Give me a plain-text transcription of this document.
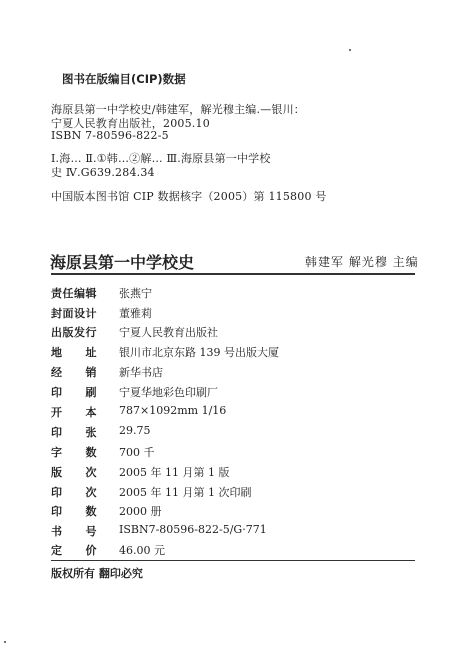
图书在版编目(CIP)数据
海原县第一中学校史/韩建军，解光穆主编.—银川：
宁夏人民教育出版社，2005.10
ISBN 7-80596-822-5
Ⅰ.海… Ⅱ.①韩…②解… Ⅲ.海原县第一中学校
史 Ⅳ.G639.284.34
中国版本图书馆 CIP 数据核字（2005）第 115800 号
海原县第一中学校史	韩建军 解光穆 主编
责任编辑 张燕宁
封面设计 董雅莉
出版发行 宁夏人民教育出版社
地　　址 银川市北京东路 139 号出版大厦
经　　销 新华书店
印　　刷 宁夏华地彩色印刷厂
开　　本 787×1092mm 1/16
印　　张 29.75
字　　数 700 千
版　　次 2005 年 11 月第 1 版
印　　次 2005 年 11 月第 1 次印刷
印　　数 2000 册
书　　号 ISBN7-80596-822-5/G·771
定　　价 46.00 元
版权所有 翻印必究
